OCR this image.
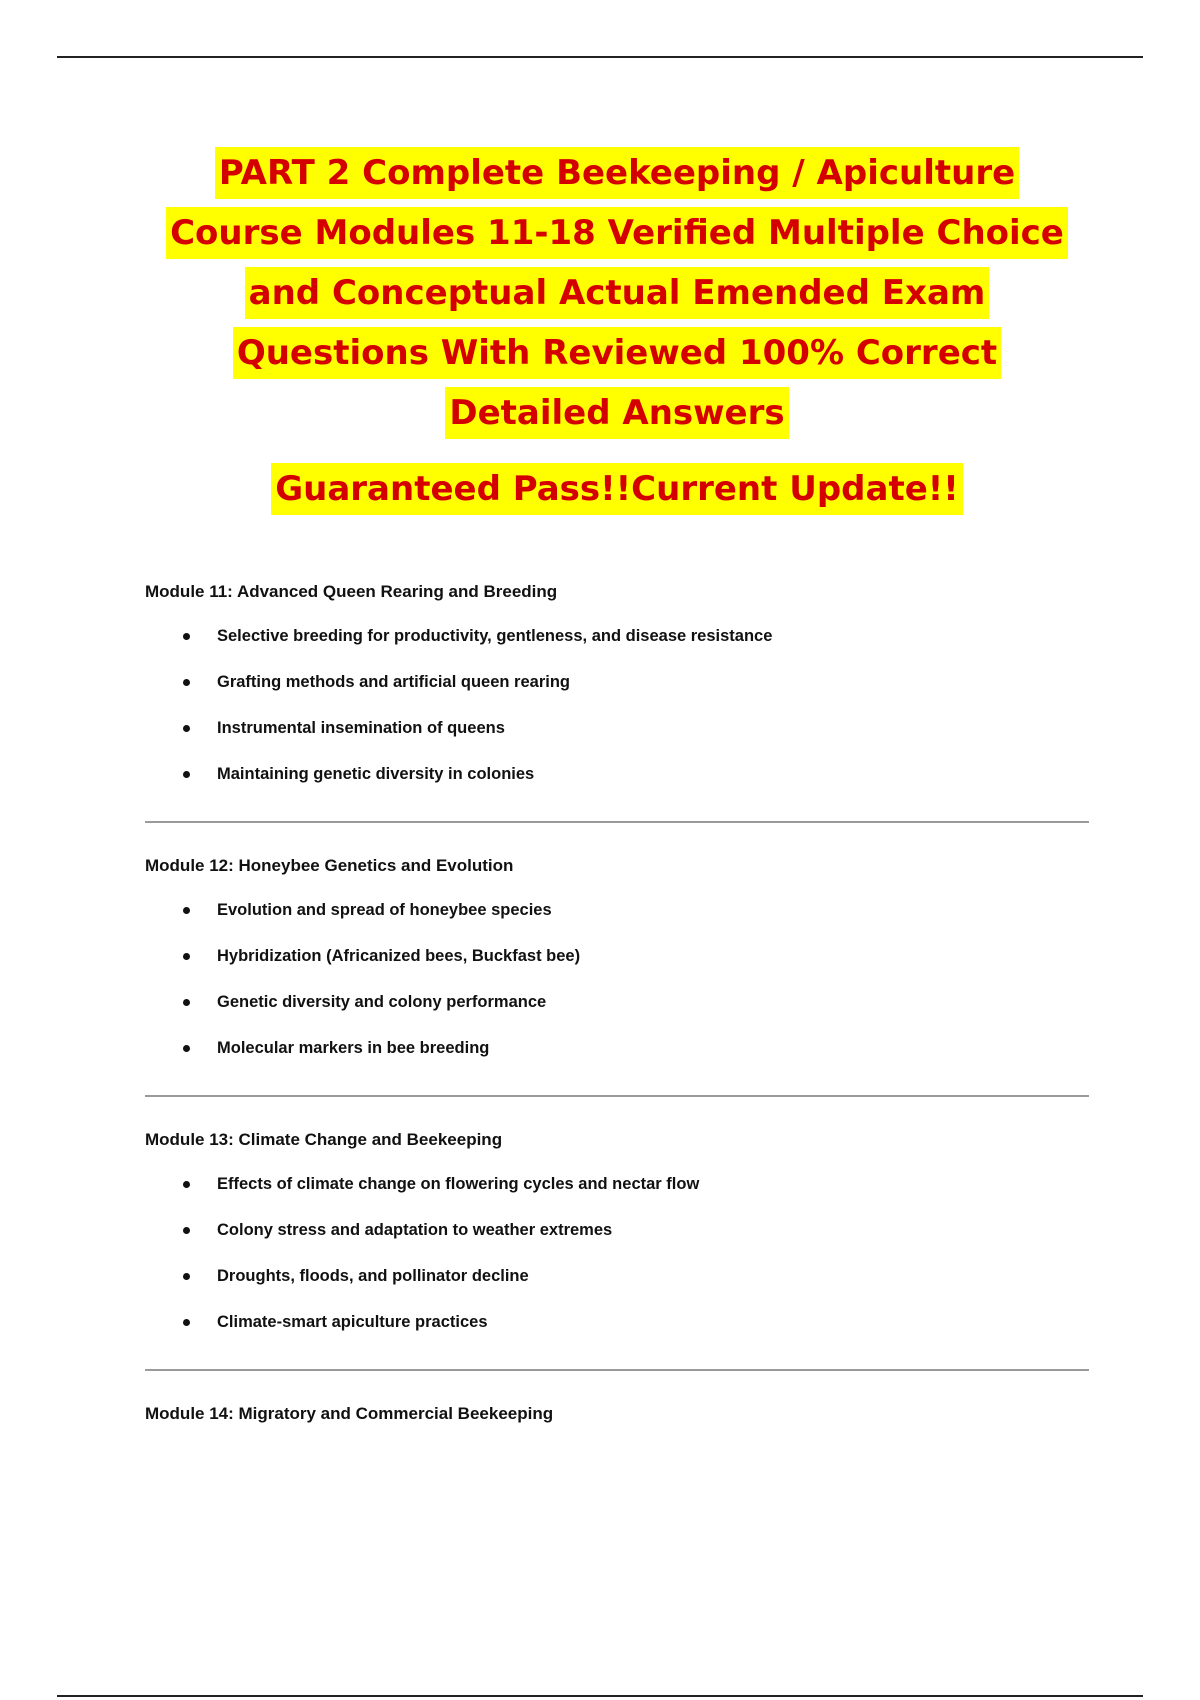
PART 2 Complete Beekeeping / Apiculture
Course Modules 11-18 Verified Multiple Choice
and Conceptual Actual Emended Exam
Questions With Reviewed 100% Correct
Detailed Answers
Guaranteed Pass!!Current Update!!
Module 11: Advanced Queen Rearing and Breeding
Selective breeding for productivity, gentleness, and disease resistance
Grafting methods and artificial queen rearing
Instrumental insemination of queens
Maintaining genetic diversity in colonies
Module 12: Honeybee Genetics and Evolution
Evolution and spread of honeybee species
Hybridization (Africanized bees, Buckfast bee)
Genetic diversity and colony performance
Molecular markers in bee breeding
Module 13: Climate Change and Beekeeping
Effects of climate change on flowering cycles and nectar flow
Colony stress and adaptation to weather extremes
Droughts, floods, and pollinator decline
Climate-smart apiculture practices
Module 14: Migratory and Commercial Beekeeping
